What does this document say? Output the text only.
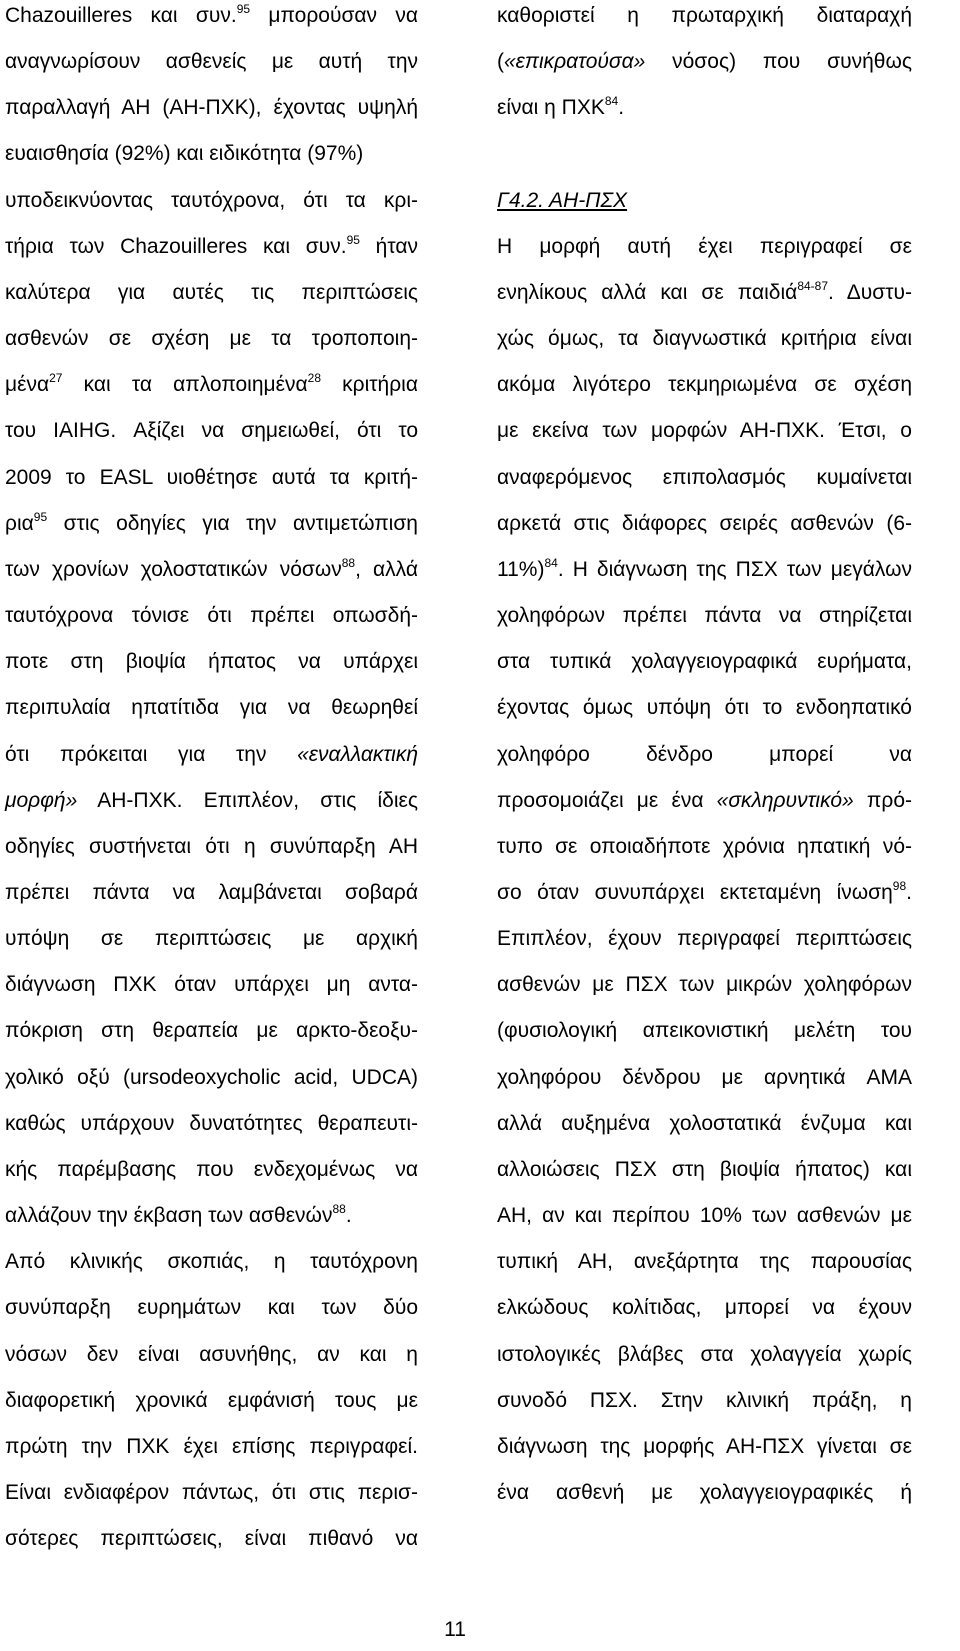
Chazouilleres και συν.$^{95}$ μπορούσαν να
αναγνωρίσουν ασθενείς με αυτή την
παραλλαγή ΑΗ (ΑΗ-ΠΧΚ), έχοντας υψηλή
ευαισθησία (92%) και ειδικότητα (97%)
υποδεικνύοντας ταυτόχρονα, ότι τα κρι-
τήρια των Chazouilleres και συν.$^{95}$ ήταν
καλύτερα για αυτές τις περιπτώσεις
ασθενών σε σχέση με τα τροποποιη-
μένα$^{27}$ και τα απλοποιημένα$^{28}$ κριτήρια
του IAIHG. Αξίζει να σημειωθεί, ότι το
2009 το EASL υιοθέτησε αυτά τα κριτή-
ρια$^{95}$ στις οδηγίες για την αντιμετώπιση
των χρονίων χολοστατικών νόσων$^{88}$, αλλά
ταυτόχρονα τόνισε ότι πρέπει οπωσδή-
ποτε στη βιοψία ήπατος να υπάρχει
περιπυλαία ηπατίτιδα για να θεωρηθεί
ότι πρόκειται για την «εναλλακτική
μορφή» ΑΗ-ΠΧΚ. Επιπλέον, στις ίδιες
οδηγίες συστήνεται ότι η συνύπαρξη ΑΗ
πρέπει πάντα να λαμβάνεται σοβαρά
υπόψη σε περιπτώσεις με αρχική
διάγνωση ΠΧΚ όταν υπάρχει μη αντα-
πόκριση στη θεραπεία με αρκτο-δεοξυ-
χολικό οξύ (ursodeoxycholic acid, UDCA)
καθώς υπάρχουν δυνατότητες θεραπευτι-
κής παρέμβασης που ενδεχομένως να
αλλάζουν την έκβαση των ασθενών$^{88}$.
Από κλινικής σκοπιάς, η ταυτόχρονη
συνύπαρξη ευρημάτων και των δύο
νόσων δεν είναι ασυνήθης, αν και η
διαφορετική χρονικά εμφάνισή τους με
πρώτη την ΠΧΚ έχει επίσης περιγραφεί.
Είναι ενδιαφέρον πάντως, ότι στις περισ-
σότερες περιπτώσεις, είναι πιθανό να
καθοριστεί η πρωταρχική διαταραχή
(«επικρατούσα» νόσος) που συνήθως
είναι η ΠΧΚ$^{84}$.
Γ4.2. ΑΗ-ΠΣΧ
Η μορφή αυτή έχει περιγραφεί σε
ενηλίκους αλλά και σε παιδιά$^{84-87}$. Δυστυ-
χώς όμως, τα διαγνωστικά κριτήρια είναι
ακόμα λιγότερο τεκμηριωμένα σε σχέση
με εκείνα των μορφών ΑΗ-ΠΧΚ. Έτσι, ο
αναφερόμενος επιπολασμός κυμαίνεται
αρκετά στις διάφορες σειρές ασθενών (6-
11%)$^{84}$. Η διάγνωση της ΠΣΧ των μεγάλων
χοληφόρων πρέπει πάντα να στηρίζεται
στα τυπικά χολαγγειογραφικά ευρήματα,
έχοντας όμως υπόψη ότι το ενδοηπατικό
χοληφόρο δένδρο μπορεί να
προσομοιάζει με ένα «σκληρυντικό» πρό-
τυπο σε οποιαδήποτε χρόνια ηπατική νό-
σο όταν συνυπάρχει εκτεταμένη ίνωση$^{98}$.
Επιπλέον, έχουν περιγραφεί περιπτώσεις
ασθενών με ΠΣΧ των μικρών χοληφόρων
(φυσιολογική απεικονιστική μελέτη του
χοληφόρου δένδρου με αρνητικά AMA
αλλά αυξημένα χολοστατικά ένζυμα και
αλλοιώσεις ΠΣΧ στη βιοψία ήπατος) και
ΑΗ, αν και περίπου 10% των ασθενών με
τυπική ΑΗ, ανεξάρτητα της παρουσίας
ελκώδους κολίτιδας, μπορεί να έχουν
ιστολογικές βλάβες στα χολαγγεία χωρίς
συνοδό ΠΣΧ. Στην κλινική πράξη, η
διάγνωση της μορφής ΑΗ-ΠΣΧ γίνεται σε
ένα ασθενή με χολαγγειογραφικές ή
11
